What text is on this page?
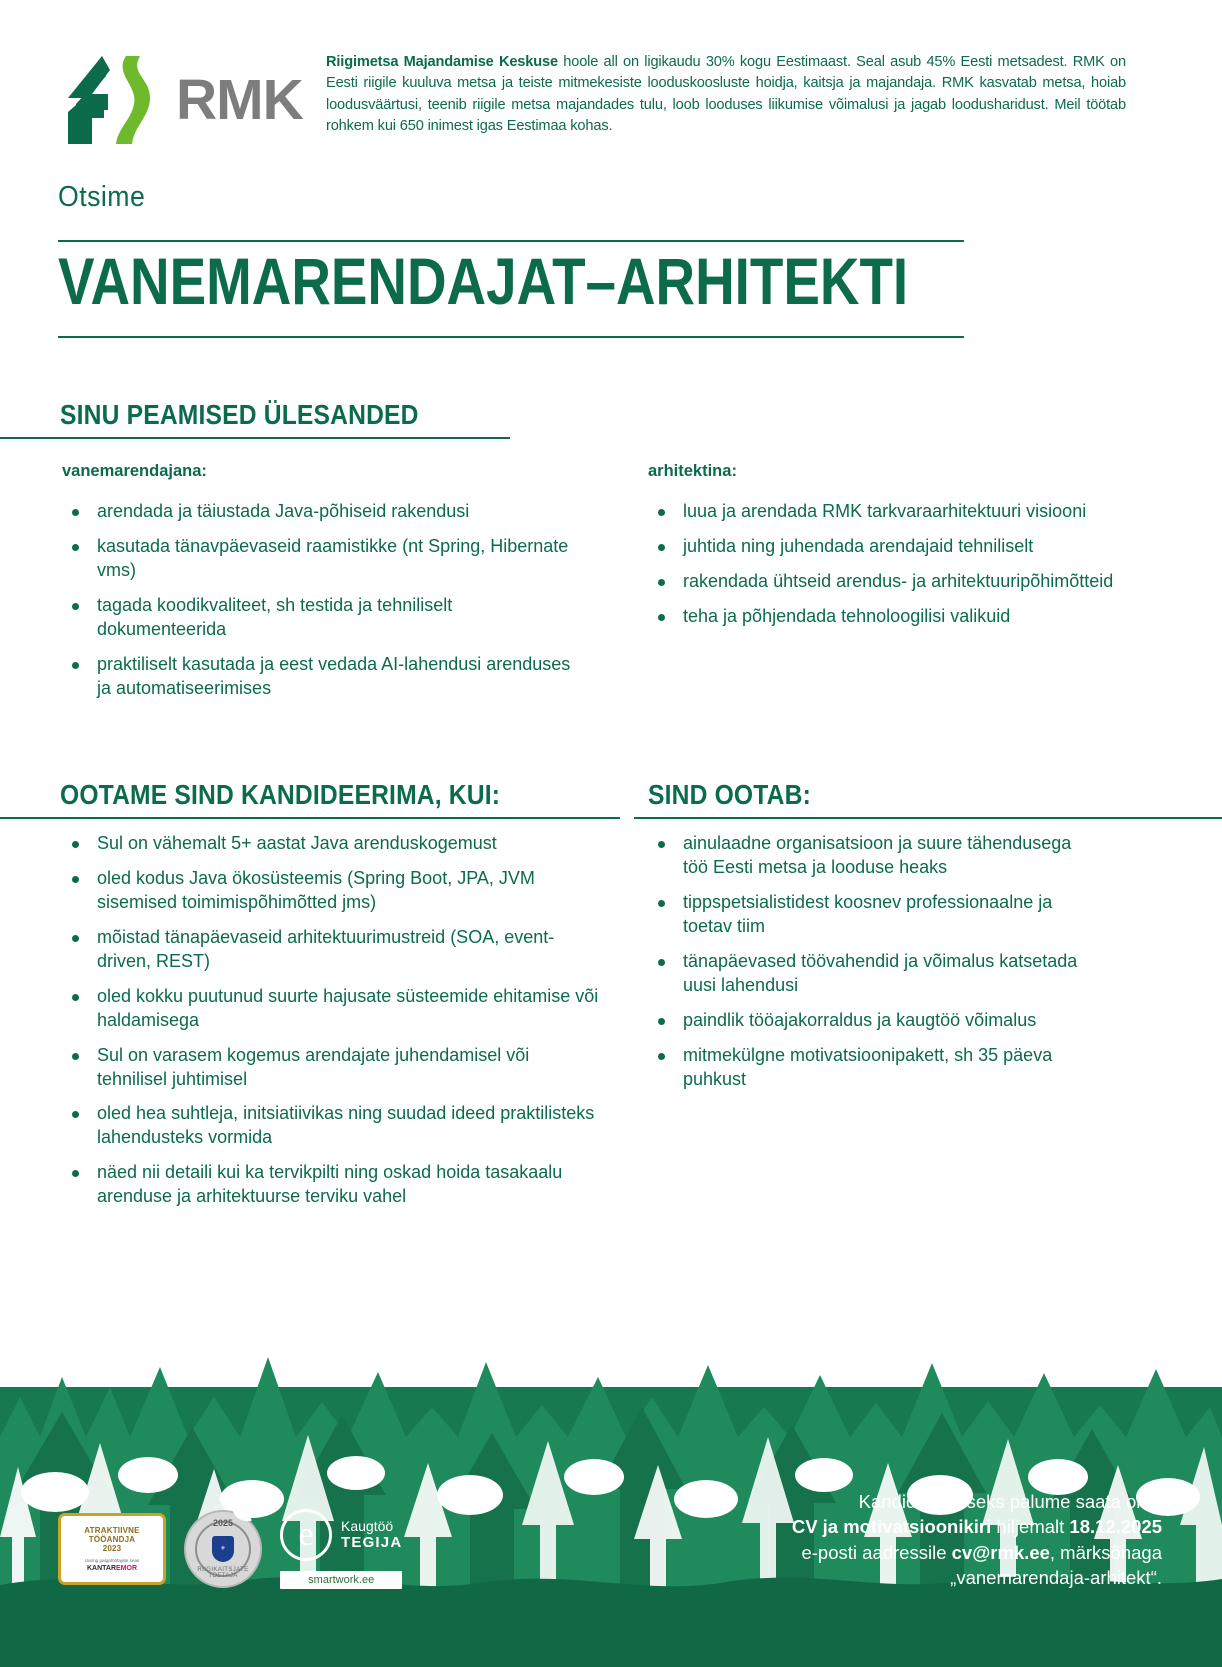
RMK

Riigimetsa Majandamise Keskuse hoole all on ligikaudu 30% kogu Eestimaast. Seal asub 45% Eesti metsadest. RMK on Eesti riigile kuuluva metsa ja teiste mitmekesiste looduskoosluste hoidja, kaitsja ja majandaja. RMK kasvatab metsa, hoiab loodusväärtusi, teenib riigile metsa majandades tulu, loob looduses liikumise võimalusi ja jagab loodusharidust. Meil töötab rohkem kui 650 inimest igas Eestimaa kohas.

Otsime
VANEMARENDAJAT–ARHITEKTI
SINU PEAMISED ÜLESANDED
vanemarendajana:
arendada ja täiustada Java-põhiseid rakendusi
kasutada tänavpäevaseid raamistikke (nt Spring, Hibernate vms)
tagada koodikvaliteet, sh testida ja tehniliselt dokumenteerida
praktiliselt kasutada ja eest vedada AI-lahendusi arenduses ja automatiseerimises
arhitektina:
luua ja arendada RMK tarkvaraarhitektuuri visiooni
juhtida ning juhendada arendajaid tehniliselt
rakendada ühtseid arendus- ja arhitektuuripõhimõtteid
teha ja põhjendada tehnoloogilisi valikuid
OOTAME SIND KANDIDEERIMA, KUI:
Sul on vähemalt 5+ aastat Java arenduskogemust
oled kodus Java ökosüsteemis (Spring Boot, JPA, JVM sisemised toimimispõhimõtted jms)
mõistad tänapäevaseid arhitektuurimustreid (SOA, event-driven, REST)
oled kokku puutunud suurte hajusate süsteemide ehitamise või haldamisega
Sul on varasem kogemus arendajate juhendamisel või tehnilisel juhtimisel
oled hea suhtleja, initsiatiivikas ning suudad ideed praktilisteks lahendusteks vormida
näed nii detaili kui ka tervikpilti ning oskad hoida tasakaalu arenduse ja arhitektuurse terviku vahel
SIND OOTAB:
ainulaadne organisatsioon ja suure tähendusega töö Eesti metsa ja looduse heaks
tippspetsialistidest koosnev professionaalne ja toetav tiim
tänapäevased töövahendid ja võimalus katsetada uusi lahendusi
paindlik tööajakorraldus ja kaugtöö võimalus
mitmekülgne motivatsioonipakett, sh 35 päeva puhkust
ATRAKTIIVNE
TÖÖANDJA
2023
Uuring palgatöötajate seas
KANTAREMOR
2025
⚜
RIIGIKAITSJATE TOETAJA
e	Kaugtöö
TEGIJA
smartwork.ee
Kandideerimiseks palume saata oma
CV ja motivatsioonikiri hiljemalt 18.12.2025
e-posti aadressile cv@rmk.ee, märksõnaga
„vanemarendaja-arhitekt“.
